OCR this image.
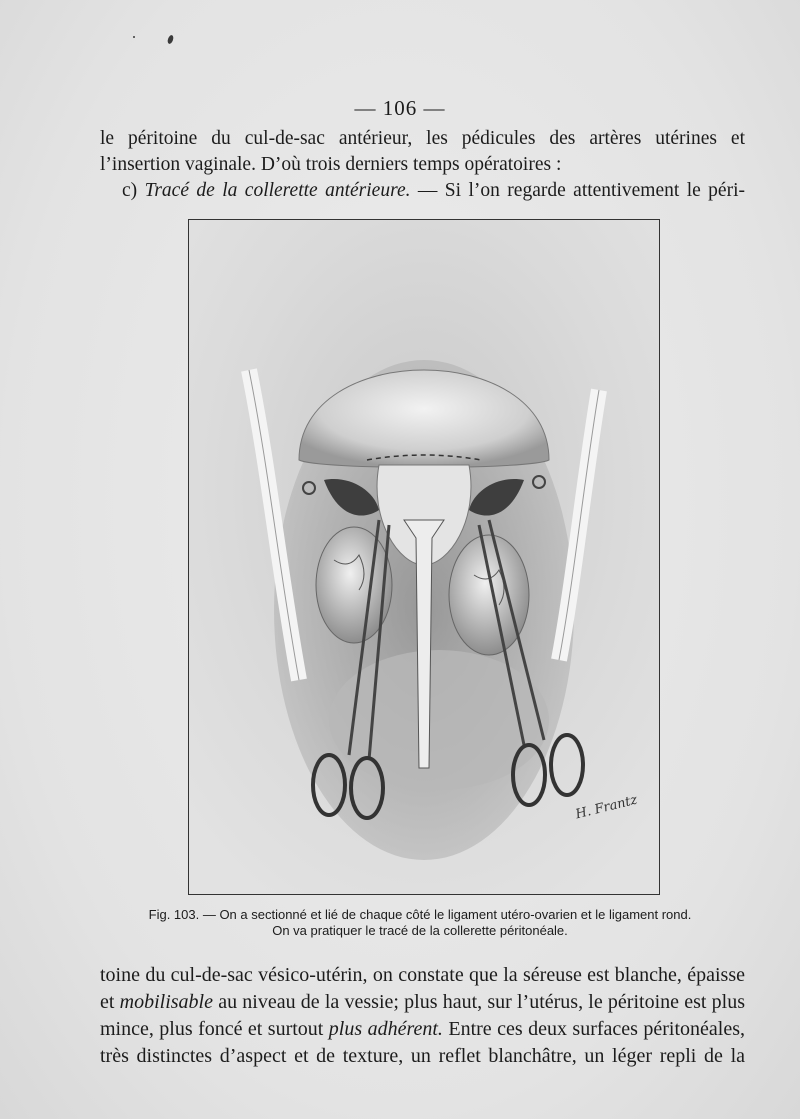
— 106 —

le péritoine du cul-de-sac antérieur, les pédicules des artères utérines et
l’insertion vaginale. D’où trois derniers temps opératoires :
c) Tracé de la collerette antérieure. — Si l’on regarde attentivement le péri-

H. Frantz
Fig. 103. — On a sectionné et lié de chaque côté le ligament utéro-ovarien et le ligament rond.
On va pratiquer le tracé de la collerette péritonéale.

toine du cul-de-sac vésico-utérin, on constate que la séreuse est blanche, épaisse
et mobilisable au niveau de la vessie; plus haut, sur l’utérus, le péritoine est plus
mince, plus foncé et surtout plus adhérent. Entre ces deux surfaces péritonéales,
très distinctes d’aspect et de texture, un reflet blanchâtre, un léger repli de la
